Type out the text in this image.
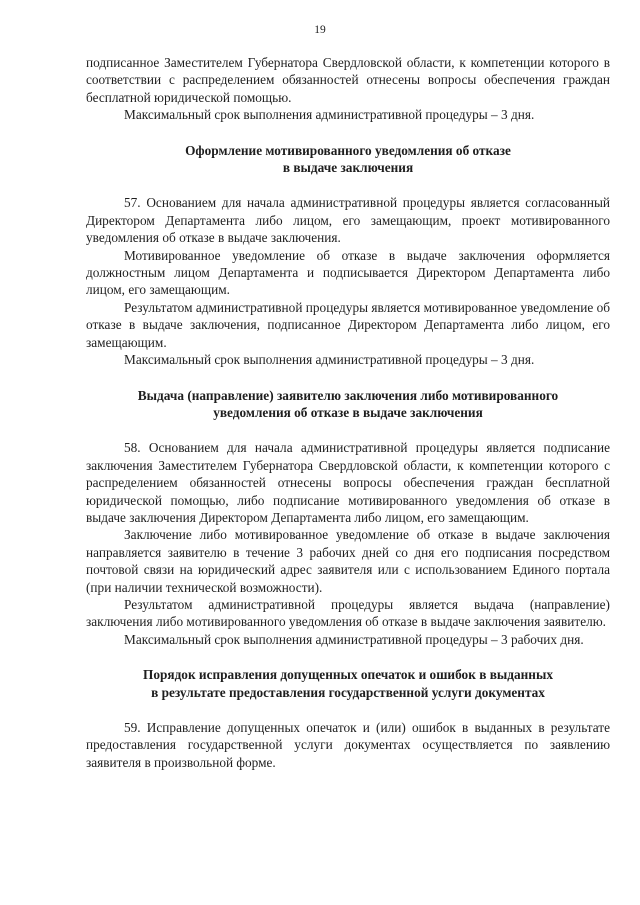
19

подписанное Заместителем Губернатора Свердловской области, к компетенции которого в соответствии с распределением обязанностей отнесены вопросы обеспечения граждан бесплатной юридической помощью.

Максимальный срок выполнения административной процедуры – 3 дня.

Оформление мотивированного уведомления об отказе
в выдаче заключения

57. Основанием для начала административной процедуры является согласованный Директором Департамента либо лицом, его замещающим, проект мотивированного уведомления об отказе в выдаче заключения.

Мотивированное уведомление об отказе в выдаче заключения оформляется должностным лицом Департамента и подписывается Директором Департамента либо лицом, его замещающим.

Результатом административной процедуры является мотивированное уведомление об отказе в выдаче заключения, подписанное Директором Департамента либо лицом, его замещающим.

Максимальный срок выполнения административной процедуры – 3 дня.

Выдача (направление) заявителю заключения либо мотивированного
уведомления об отказе в выдаче заключения

58. Основанием для начала административной процедуры является подписание заключения Заместителем Губернатора Свердловской области, к компетенции которого с распределением обязанностей отнесены вопросы обеспечения граждан бесплатной юридической помощью, либо подписание мотивированного уведомления об отказе в выдаче заключения Директором Департамента либо лицом, его замещающим.

Заключение либо мотивированное уведомление об отказе в выдаче заключения направляется заявителю в течение 3 рабочих дней со дня его подписания посредством почтовой связи на юридический адрес заявителя или с использованием Единого портала (при наличии технической возможности).

Результатом административной процедуры является выдача (направление) заключения либо мотивированного уведомления об отказе в выдаче заключения заявителю.

Максимальный срок выполнения административной процедуры – 3 рабочих дня.

Порядок исправления допущенных опечаток и ошибок в выданных
в результате предоставления государственной услуги документах

59. Исправление допущенных опечаток и (или) ошибок в выданных в результате предоставления государственной услуги документах осуществляется по заявлению заявителя в произвольной форме.
